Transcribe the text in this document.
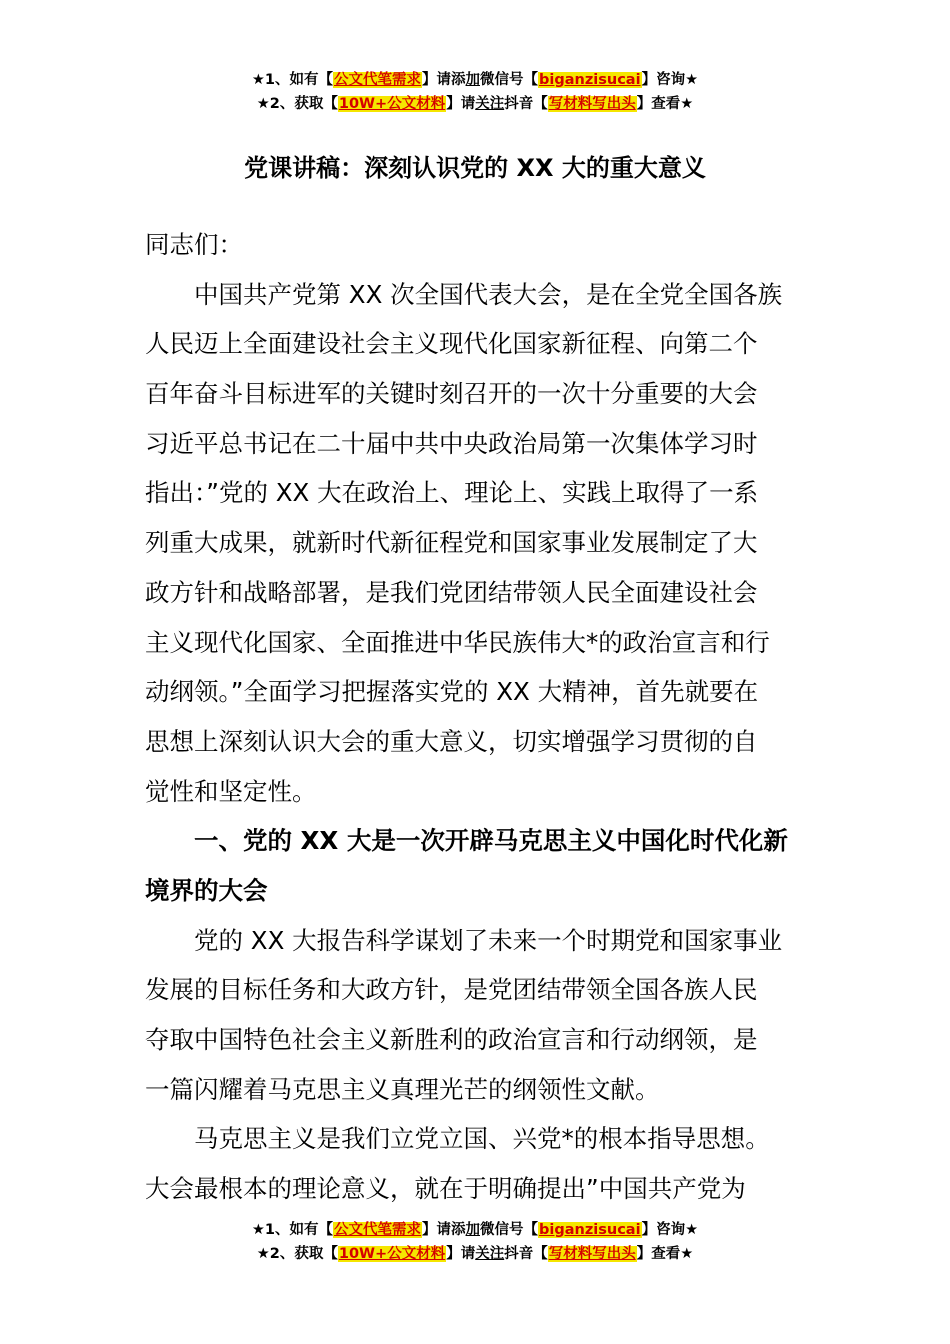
★1、如有【公文代笔需求】请添加微信号【biganzisucai】咨询★
★2、获取【10W+公文材料】请关注抖音【写材料写出头】查看★
党课讲稿：深刻认识党的 XX 大的重大意义

同志们：

　　中国共产党第 XX 次全国代表大会，是在全党全国各族
人民迈上全面建设社会主义现代化国家新征程、向第二个
百年奋斗目标进军的关键时刻召开的一次十分重要的大会
习近平总书记在二十届中共中央政治局第一次集体学习时
指出：”党的 XX 大在政治上、理论上、实践上取得了一系
列重大成果，就新时代新征程党和国家事业发展制定了大
政方针和战略部署，是我们党团结带领人民全面建设社会
主义现代化国家、全面推进中华民族伟大*的政治宣言和行
动纲领。”全面学习把握落实党的 XX 大精神，首先就要在
思想上深刻认识大会的重大意义，切实增强学习贯彻的自
觉性和坚定性。

　　一、党的 XX 大是一次开辟马克思主义中国化时代化新
境界的大会

　　党的 XX 大报告科学谋划了未来一个时期党和国家事业
发展的目标任务和大政方针，是党团结带领全国各族人民
夺取中国特色社会主义新胜利的政治宣言和行动纲领，是
一篇闪耀着马克思主义真理光芒的纲领性文献。

　　马克思主义是我们立党立国、兴党*的根本指导思想。
大会最根本的理论意义，就在于明确提出”中国共产党为

★1、如有【公文代笔需求】请添加微信号【biganzisucai】咨询★
★2、获取【10W+公文材料】请关注抖音【写材料写出头】查看★
